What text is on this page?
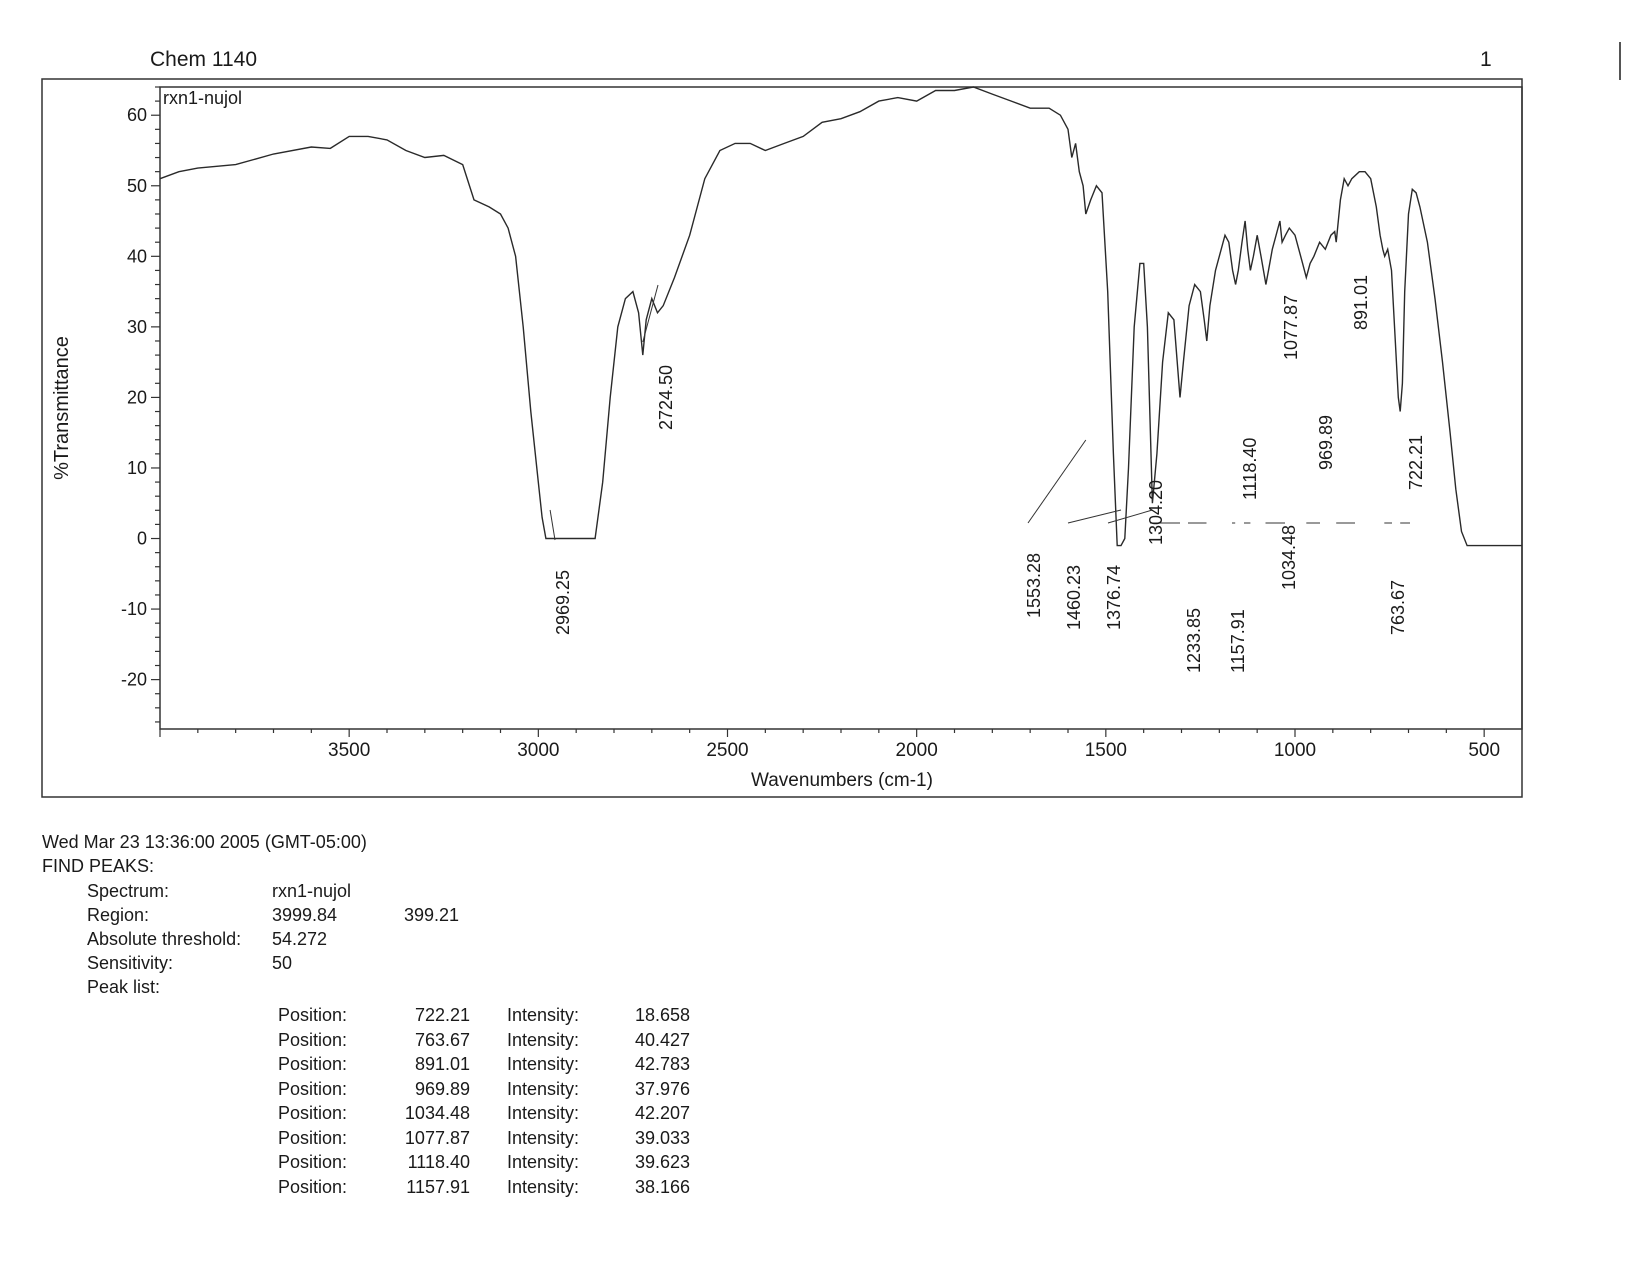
Chem 1140	1
rxn1-nujol
%Transmittance
Wavenumbers (cm-1)
60
50
40
30
20
10
0
-10
-20
3500	3000	2500	2000	1500	1000	500
2969.25
2724.50
1553.28 1460.23 1376.74
1304.20
1233.85 1157.91
1118.40
1077.87
1034.48
969.89
891.01
763.67
722.21
Wed Mar 23 13:36:00 2005 (GMT-05:00)
FIND PEAKS:
Spectrum:	rxn1-nujol
Region:	3999.84	399.21
Absolute threshold: 54.272
Sensitivity:	50
Peak list:
Position:	722.21 Intensity:	18.658
Position:	763.67 Intensity:	40.427
Position:	891.01 Intensity:	42.783
Position:	969.89 Intensity:	37.976
Position:	1034.48 Intensity:	42.207
Position:	1077.87 Intensity:	39.033
Position:	1118.40 Intensity:	39.623
Position:	1157.91 Intensity:	38.166
